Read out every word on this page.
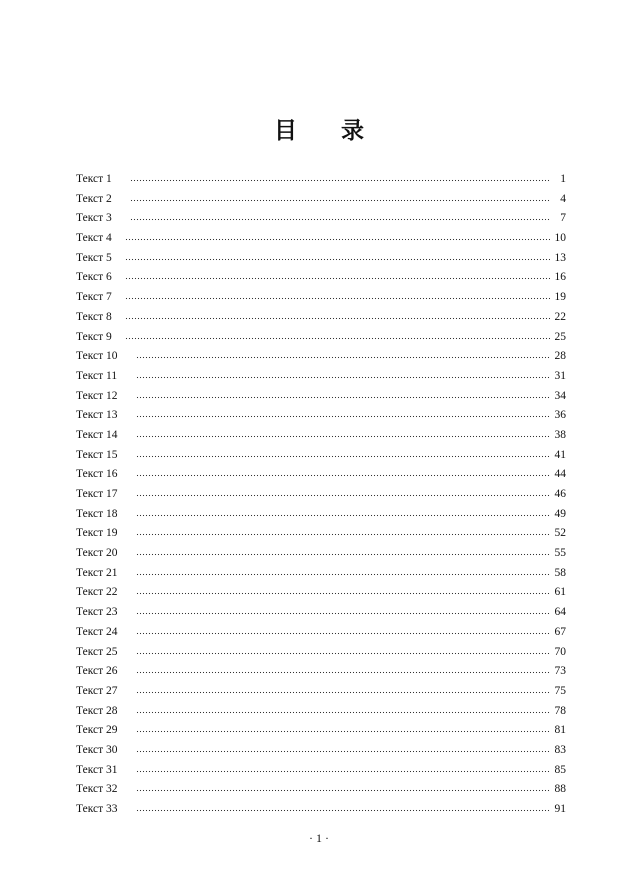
目录
Текст 1	1
Текст 2	4
Текст 3	7
Текст 4	10
Текст 5	13
Текст 6	16
Текст 7	19
Текст 8	22
Текст 9	25
Текст 10	28
Текст 11	31
Текст 12	34
Текст 13	36
Текст 14	38
Текст 15	41
Текст 16	44
Текст 17	46
Текст 18	49
Текст 19	52
Текст 20	55
Текст 21	58
Текст 22	61
Текст 23	64
Текст 24	67
Текст 25	70
Текст 26	73
Текст 27	75
Текст 28	78
Текст 29	81
Текст 30	83
Текст 31	85
Текст 32	88
Текст 33	91

· 1 ·
